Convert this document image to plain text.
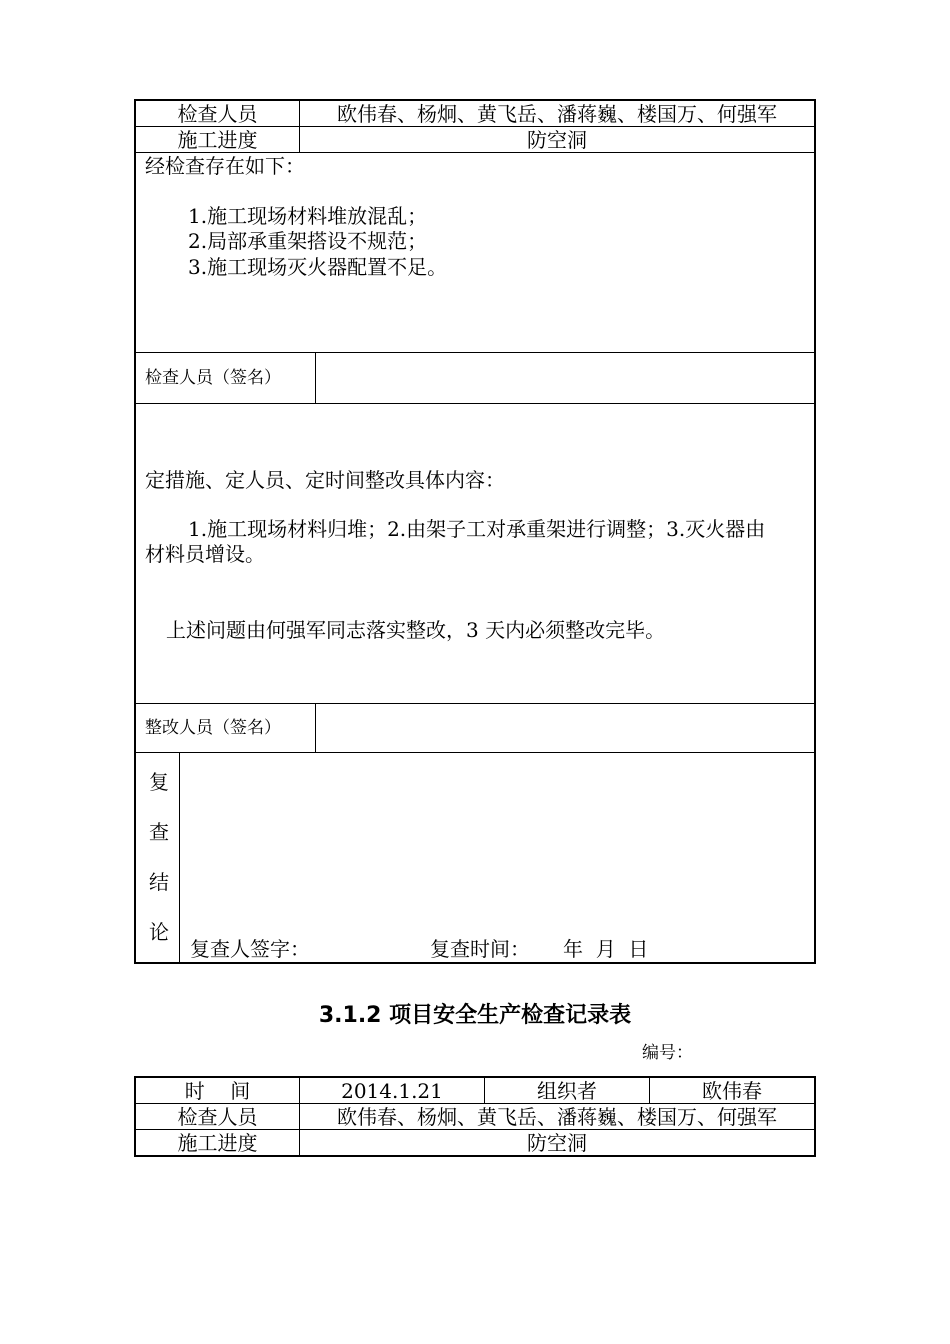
检查人员	欧伟春、杨炯、黄飞岳、潘蒋巍、楼国万、何强军
施工进度	防空洞
经检查存在如下：
1.施工现场材料堆放混乱；
2.局部承重架搭设不规范；
3.施工现场灭火器配置不足。
检查人员（签名）
定措施、定人员、定时间整改具体内容：
1.施工现场材料归堆；2.由架子工对承重架进行调整；3.灭火器由
材料员增设。
上述问题由何强军同志落实整改，3 天内必须整改完毕。
整改人员（签名）
复
查
结
论
复查人签字：	复查时间： 年  月  日
3.1.2 项目安全生产检查记录表
编号：
时    间	2014.1.21	组织者	欧伟春
检查人员	欧伟春、杨炯、黄飞岳、潘蒋巍、楼国万、何强军
施工进度	防空洞
